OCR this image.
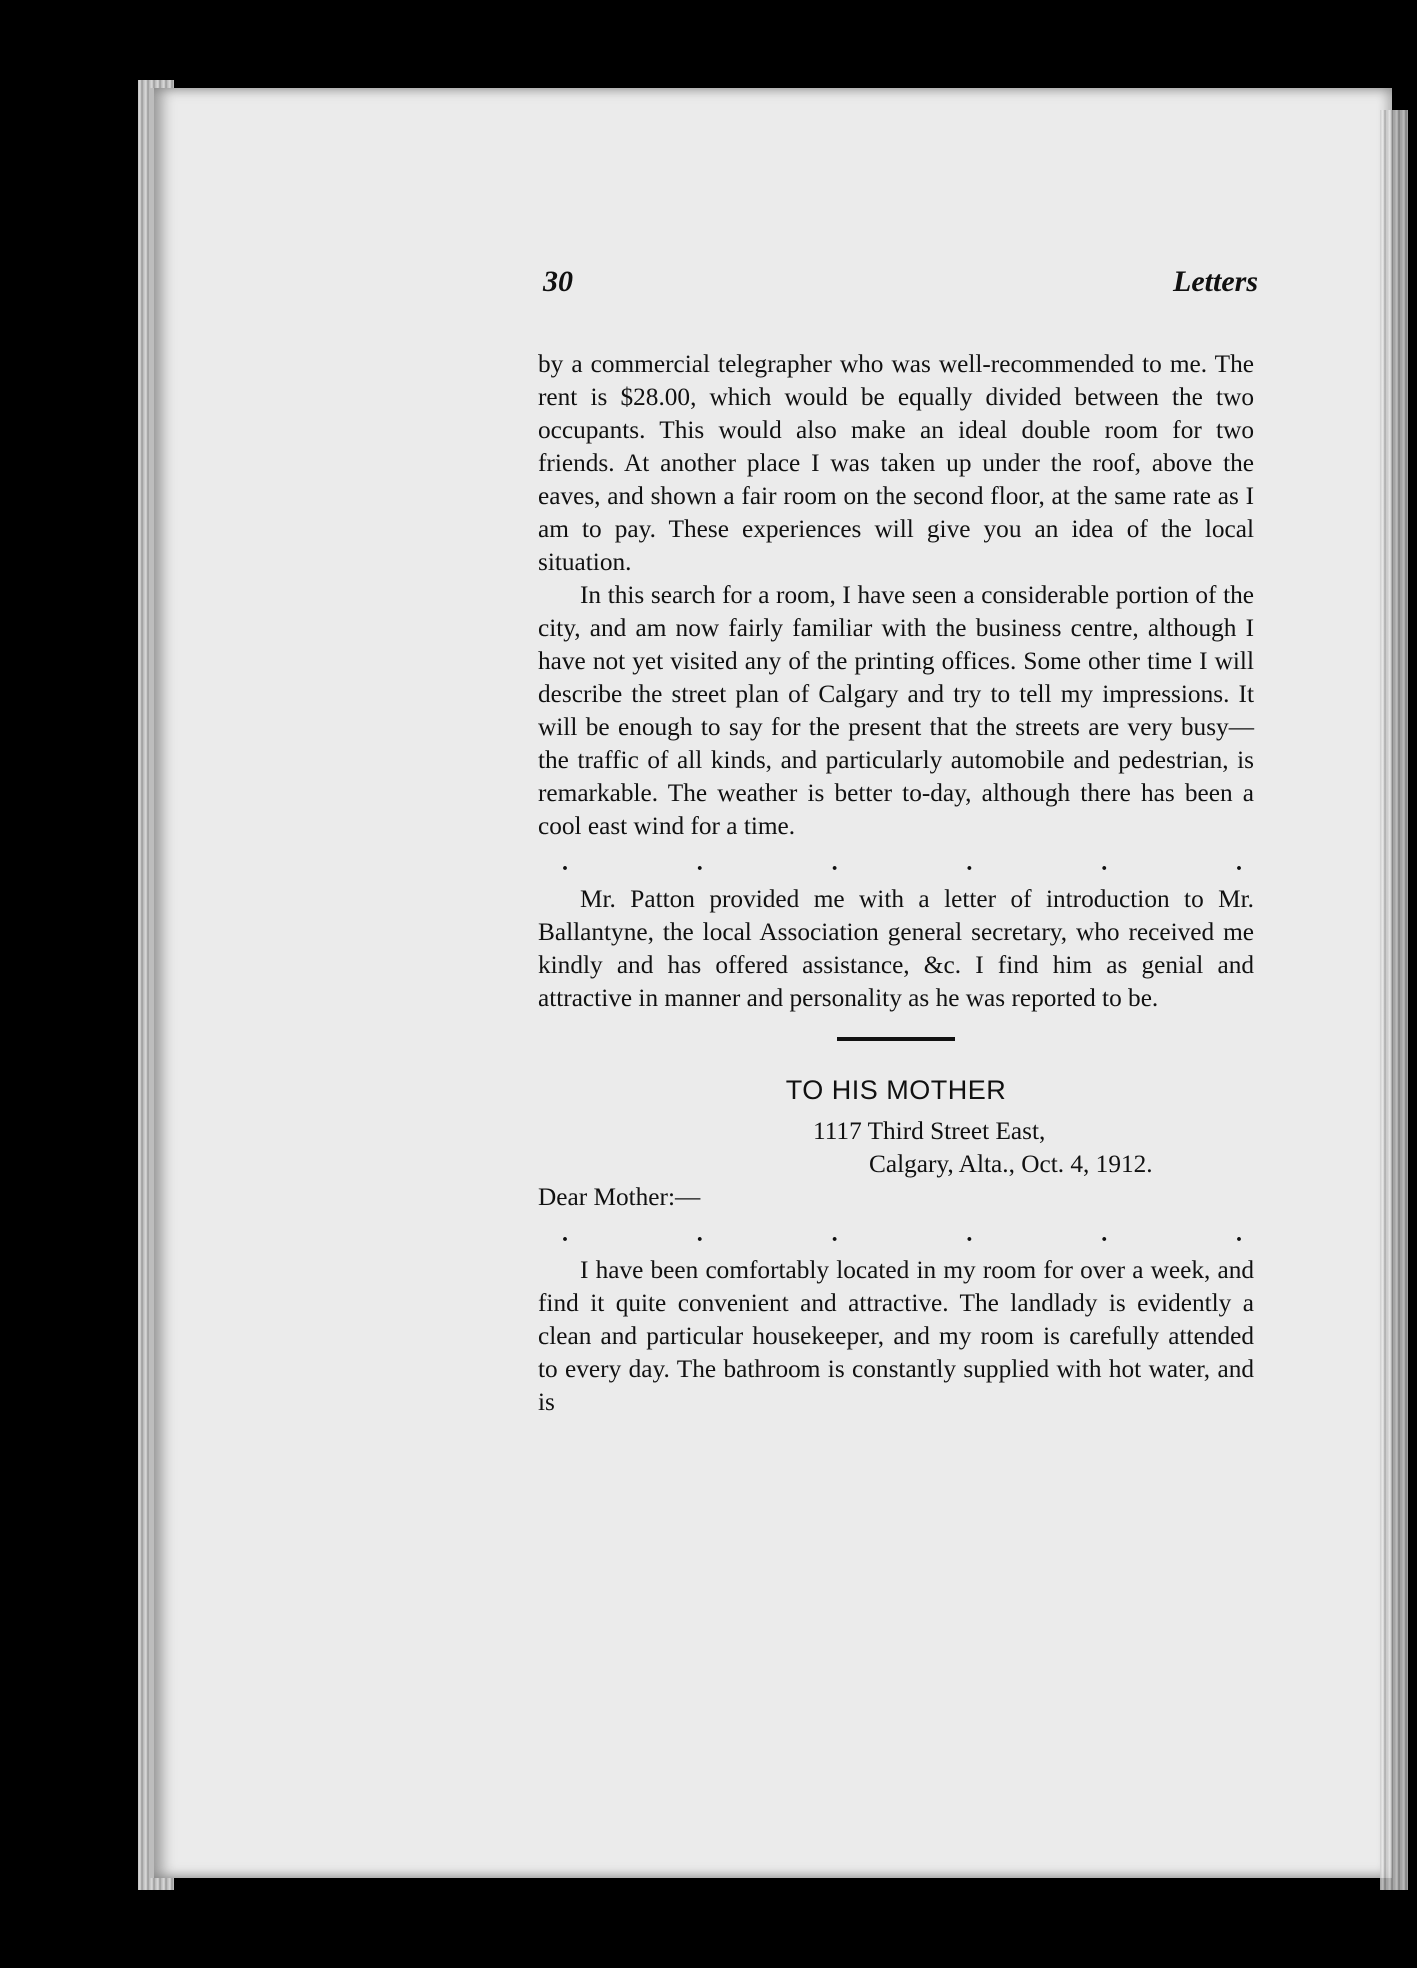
30	Letters

by a commercial telegrapher who was well-recommended to me. The rent is $28.00, which would be equally divided between the two occupants. This would also make an ideal double room for two friends. At another place I was taken up under the roof, above the eaves, and shown a fair room on the second floor, at the same rate as I am to pay. These experiences will give you an idea of the local situation.

In this search for a room, I have seen a considerable portion of the city, and am now fairly familiar with the business centre, although I have not yet visited any of the printing offices. Some other time I will describe the street plan of Calgary and try to tell my impressions. It will be enough to say for the present that the streets are very busy—the traffic of all kinds, and particularly automobile and pedestrian, is remarkable. The weather is better to-day, although there has been a cool east wind for a time.

.	.	.	.	.	.

Mr. Patton provided me with a letter of introduction to Mr. Ballantyne, the local Association general secretary, who received me kindly and has offered assistance, &c. I find him as genial and attractive in manner and personality as he was reported to be.

TO HIS MOTHER
1117 Third Street East,
Calgary, Alta., Oct. 4, 1912.
Dear Mother:—
.	.	.	.	.	.

I have been comfortably located in my room for over a week, and find it quite convenient and attractive. The landlady is evidently a clean and particular housekeeper, and my room is carefully attended to every day. The bathroom is constantly supplied with hot water, and is
